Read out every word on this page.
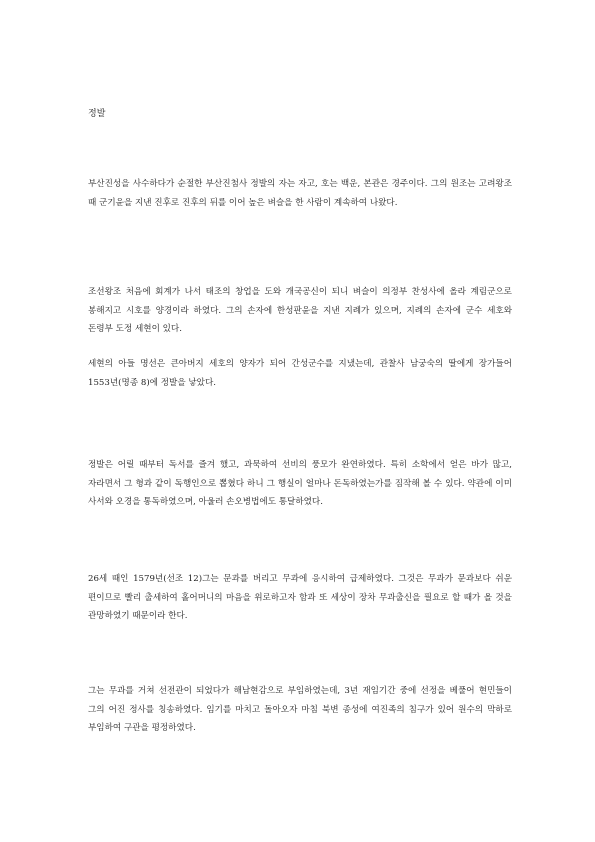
정발

부산진성을 사수하다가 순절한 부산진첨사 정발의 자는 자고, 호는 백운, 본관은 경주이다. 그의 원조는 고려왕조 때 군기윤을 지낸 진후로 진후의 뒤를 이어 높은 벼슬을 한 사람이 계속하여 나왔다.

조선왕조 처음에 회계가 나서 태조의 창업을 도와 개국공신이 되니 벼슬이 의정부 찬성사에 올라 계림군으로 봉해지고 시호를 양경이라 하였다. 그의 손자에 한성판윤을 지낸 지례가 있으며, 지례의 손자에 군수 세호와 돈령부 도정 세현이 있다.

세현의 아들 명선은 큰아버지 세호의 양자가 되어 간성군수를 지냈는데, 관찰사 남궁숙의 딸에게 장가들어 1553년(명종 8)에 정발을 낳았다.

정발은 어릴 때부터 독서를 즐겨 했고, 과묵하여 선비의 풍모가 완연하였다. 특히 소학에서 얻은 바가 많고, 자라면서 그 형과 같이 독행인으로 뽑혔다 하니 그 행실이 얼마나 돈독하였는가를 짐작해 볼 수 있다. 약관에 이미 사서와 오경을 통독하였으며, 아울러 손오병법에도 통달하였다.

26세 때인 1579년(선조 12)그는 문과를 버리고 무과에 응시하여 급제하였다. 그것은 무과가 문과보다 쉬운 편이므로 빨리 출세하여 홀어머니의 마음을 위로하고자 함과 또 세상이 장차 무과출신을 필요로 할 때가 올 것을 관망하였기 때문이라 한다.

그는 무과를 거쳐 선전관이 되었다가 해남현감으로 부임하였는데, 3년 재임기간 중에 선정을 베풀어 현민들이 그의 어진 정사를 칭송하였다. 임기를 마치고 돌아오자 마침 북변 종성에 여진족의 침구가 있어 원수의 막하로 부임하여 구관을 평정하였다.
